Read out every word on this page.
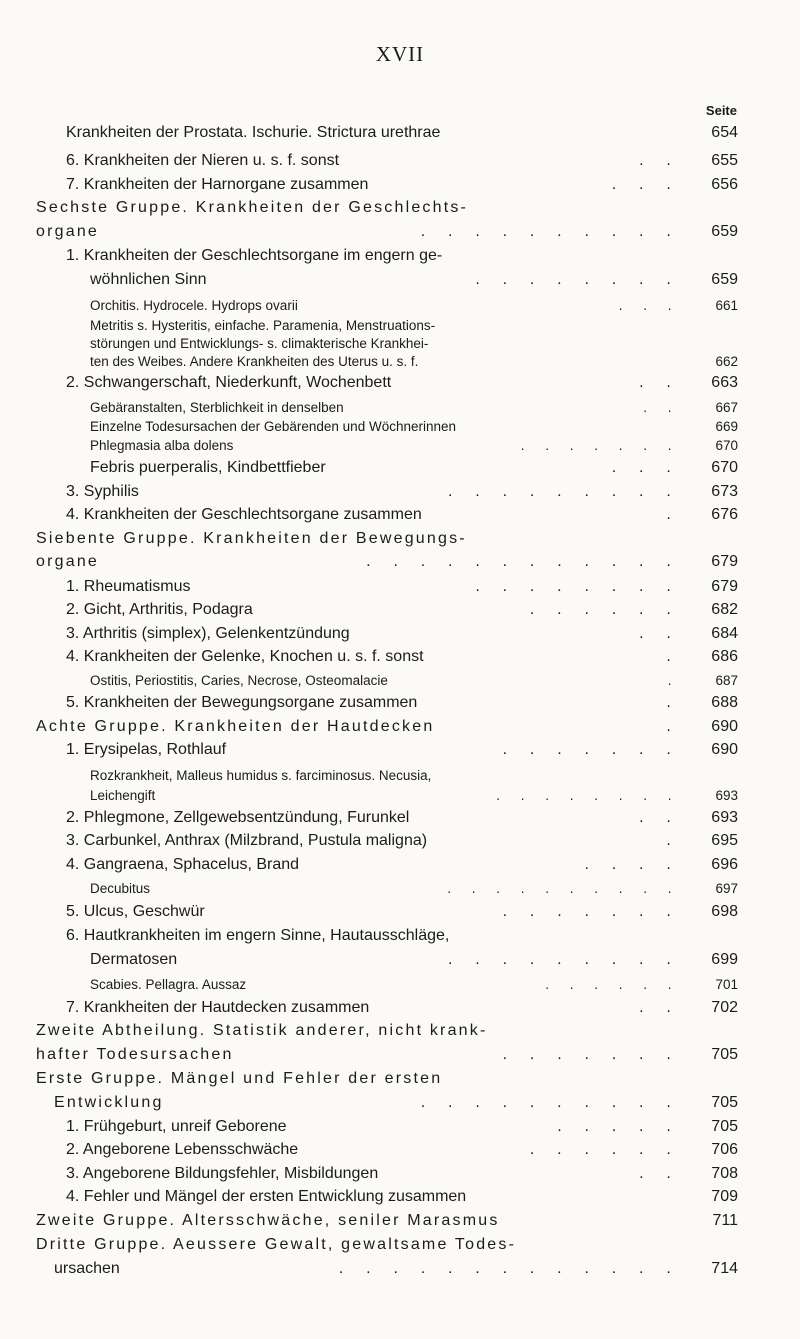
XVII
Seite
Krankheiten der Prostata. Ischurie. Strictura urethrae	654
6. Krankheiten der Nieren u. s. f. sonst	. . 655
7. Krankheiten der Harnorgane zusammen	. . . 656
Sechste Gruppe. Krankheiten der Geschlechts-
organe	. . . . . . . . . . 659
1. Krankheiten der Geschlechtsorgane im engern ge-
wöhnlichen Sinn	. . . . . . . . 659
Orchitis. Hydrocele. Hydrops ovarii	. . .	661
Metritis s. Hysteritis, einfache. Paramenia, Menstruations-
störungen und Entwicklungs- s. climakterische Krankhei-
ten des Weibes. Andere Krankheiten des Uterus u. s. f.	662
2. Schwangerschaft, Niederkunft, Wochenbett	. . 663
Gebäranstalten, Sterblichkeit in denselben	. .	667
Einzelne Todesursachen der Gebärenden und Wöchnerinnen	669
Phlegmasia alba dolens	. . . . . . .	670
Febris puerperalis, Kindbettfieber	. . . 670
3. Syphilis	. . . . . . . . . 673
4. Krankheiten der Geschlechtsorgane zusammen	. 676
Siebente Gruppe. Krankheiten der Bewegungs-
organe	. . . . . . . . . . . . 679
1. Rheumatismus	. . . . . . . . 679
2. Gicht, Arthritis, Podagra	. . . . . . 682
3. Arthritis (simplex), Gelenkentzündung	. . 684
4. Krankheiten der Gelenke, Knochen u. s. f. sonst	. 686
Ostitis, Periostitis, Caries, Necrose, Osteomalacie	.	687
5. Krankheiten der Bewegungsorgane zusammen	. 688
Achte Gruppe. Krankheiten der Hautdecken	. 690
1. Erysipelas, Rothlauf	. . . . . . . 690
Rozkrankheit, Malleus humidus s. farciminosus. Necusia,
Leichengift	. . . . . . . .	693
2. Phlegmone, Zellgewebsentzündung, Furunkel	. . 693
3. Carbunkel, Anthrax (Milzbrand, Pustula maligna)	. 695
4. Gangraena, Sphacelus, Brand	. . . . 696
Decubitus	. . . . . . . . . .	697
5. Ulcus, Geschwür	. . . . . . . 698
6. Hautkrankheiten im engern Sinne, Hautausschläge,
Dermatosen	. . . . . . . . . 699
Scabies. Pellagra. Aussaz	. . . . . .	701
7. Krankheiten der Hautdecken zusammen	. . 702
Zweite Abtheilung. Statistik anderer, nicht krank-
hafter Todesursachen	. . . . . . . 705
Erste Gruppe. Mängel und Fehler der ersten
Entwicklung	. . . . . . . . . . 705
1. Frühgeburt, unreif Geborene	. . . . . 705
2. Angeborene Lebensschwäche	. . . . . . 706
3. Angeborene Bildungsfehler, Misbildungen	. . 708
4. Fehler und Mängel der ersten Entwicklung zusammen	709
Zweite Gruppe. Altersschwäche, seniler Marasmus	711
Dritte Gruppe. Aeussere Gewalt, gewaltsame Todes-
ursachen	. . . . . . . . . . . . . 714
